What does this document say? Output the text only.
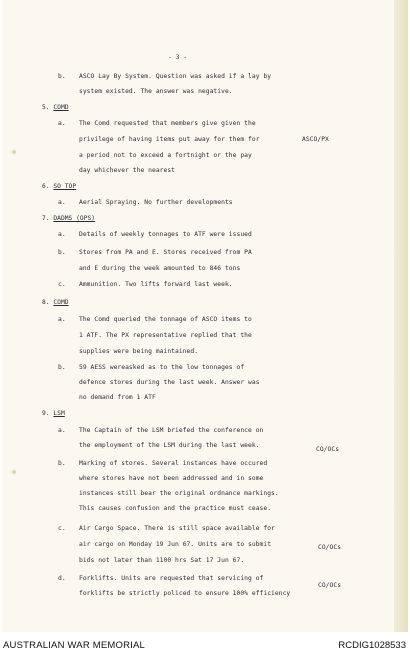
- 3 -
b. ASCO Lay By System. Question was asked if a lay by
system existed. The answer was negative.
5. COMD
a. The Comd requested that members give given the
privilege of having items put away for them for
a period not to exceed a fortnight or the pay
day whichever the nearest
ASCO/PX
6. SO TOP
a. Aerial Spraying. No further developments
7. DADMS (OPS)
a. Details of weekly tonnages to ATF were issued
b. Stores from PA and E. Stores received from PA
and E during the week amounted to 846 tons
c. Ammunition. Two lifts forward last week.
8. COMD
a. The Comd queried the tonnage of ASCO items to
1 ATF. The PX representative replied that the
supplies were being maintained.
b. 59 AESS wereasked as to the low tonnages of
defence stores during the last week. Answer was
no demand from 1 ATF
9. LSM
a. The Captain of the LSM briefed the conference on
the employment of the LSM during the last week.
CO/OCs
b. Marking of stores. Several instances have occured
where stores have not been addressed and in some
instances still bear the original ordnance markings.
This causes confusion and the practice must cease.
c. Air Cargo Space. There is still space available for
air cargo on Monday 19 Jun 67. Units are to submit
bids not later than 1100 hrs Sat 17 Jun 67.
CO/OCs
d. Forklifts. Units are requested that servicing of
forklifts be strictly policed to ensure 100% efficiency
CO/OCs
AUSTRALIAN WAR MEMORIAL	RCDIG1028533
